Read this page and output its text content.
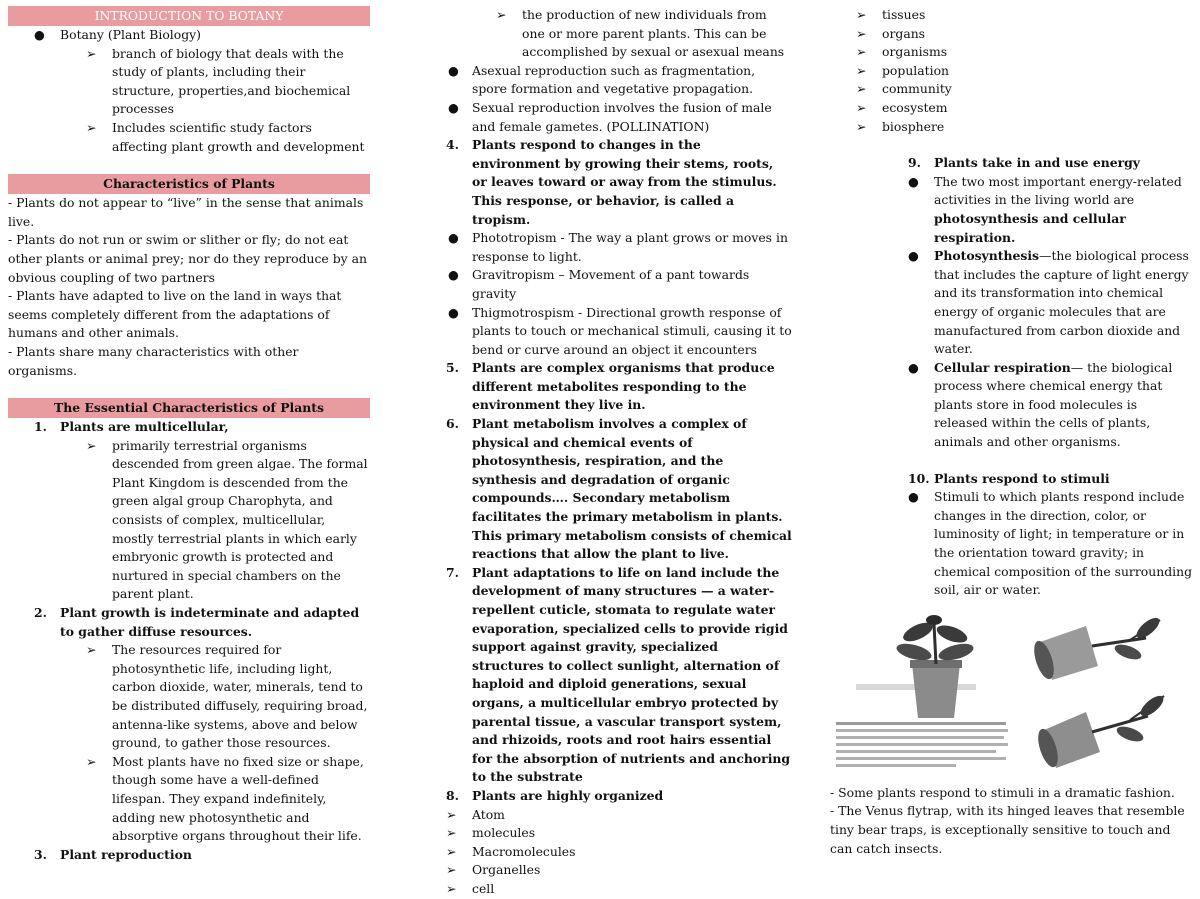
INTRODUCTION TO BOTANY
● Botany (Plant Biology)
➢ branch of biology that deals with the study of plants, including their structure, properties,and biochemical processes
➢ Includes scientific study factors affecting plant growth and development
Characteristics of Plants
- Plants do not appear to “live” in the sense that animals live.
- Plants do not run or swim or slither or fly; do not eat other plants or animal prey; nor do they reproduce by an obvious coupling of two partners
- Plants have adapted to live on the land in ways that seems completely different from the adaptations of humans and other animals.
- Plants share many characteristics with other organisms.
The Essential Characteristics of Plants
1. Plants are multicellular,
➢ primarily terrestrial organisms descended from green algae. The formal Plant Kingdom is descended from the green algal group Charophyta, and consists of complex, multicellular, mostly terrestrial plants in which early embryonic growth is protected and nurtured in special chambers on the parent plant.
2. Plant growth is indeterminate and adapted to gather diffuse resources.
➢ The resources required for photosynthetic life, including light, carbon dioxide, water, minerals, tend to be distributed diffusely, requiring broad, antenna-like systems, above and below ground, to gather those resources.
➢ Most plants have no fixed size or shape, though some have a well-defined lifespan. They expand indefinitely, adding new photosynthetic and absorptive organs throughout their life.
3. Plant reproduction
➢ the production of new individuals from one or more parent plants. This can be accomplished by sexual or asexual means
● Asexual reproduction such as fragmentation, spore formation and vegetative propagation.
● Sexual reproduction involves the fusion of male and female gametes. (POLLINATION)
4. Plants respond to changes in the environment by growing their stems, roots, or leaves toward or away from the stimulus. This response, or behavior, is called a tropism.
● Phototropism - The way a plant grows or moves in response to light.
● Gravitropism – Movement of a pant towards gravity
● Thigmotrospism - Directional growth response of plants to touch or mechanical stimuli, causing it to bend or curve around an object it encounters
5. Plants are complex organisms that produce different metabolites responding to the environment they live in.
6. Plant metabolism involves a complex of physical and chemical events of photosynthesis, respiration, and the synthesis and degradation of organic compounds…. Secondary metabolism facilitates the primary metabolism in plants. This primary metabolism consists of chemical reactions that allow the plant to live.
7. Plant adaptations to life on land include the development of many structures — a water-repellent cuticle, stomata to regulate water evaporation, specialized cells to provide rigid support against gravity, specialized structures to collect sunlight, alternation of haploid and diploid generations, sexual organs, a multicellular embryo protected by parental tissue, a vascular transport system, and rhizoids, roots and root hairs essential for the absorption of nutrients and anchoring to the substrate
8. Plants are highly organized
➢ Atom
➢ molecules
➢ Macromolecules
➢ Organelles
➢ cell
➢ tissues
➢ organs
➢ organisms
➢ population
➢ community
➢ ecosystem
➢ biosphere
9. Plants take in and use energy
● The two most important energy-related activities in the living world are photosynthesis and cellular respiration.
● Photosynthesis—the biological process that includes the capture of light energy and its transformation into chemical energy of organic molecules that are manufactured from carbon dioxide and water.
● Cellular respiration— the biological process where chemical energy that plants store in food molecules is released within the cells of plants, animals and other organisms.
10. Plants respond to stimuli
● Stimuli to which plants respond include changes in the direction, color, or luminosity of light; in temperature or in the orientation toward gravity; in chemical composition of the surrounding soil, air or water.
- Some plants respond to stimuli in a dramatic fashion.
- The Venus flytrap, with its hinged leaves that resemble tiny bear traps, is exceptionally sensitive to touch and can catch insects.
